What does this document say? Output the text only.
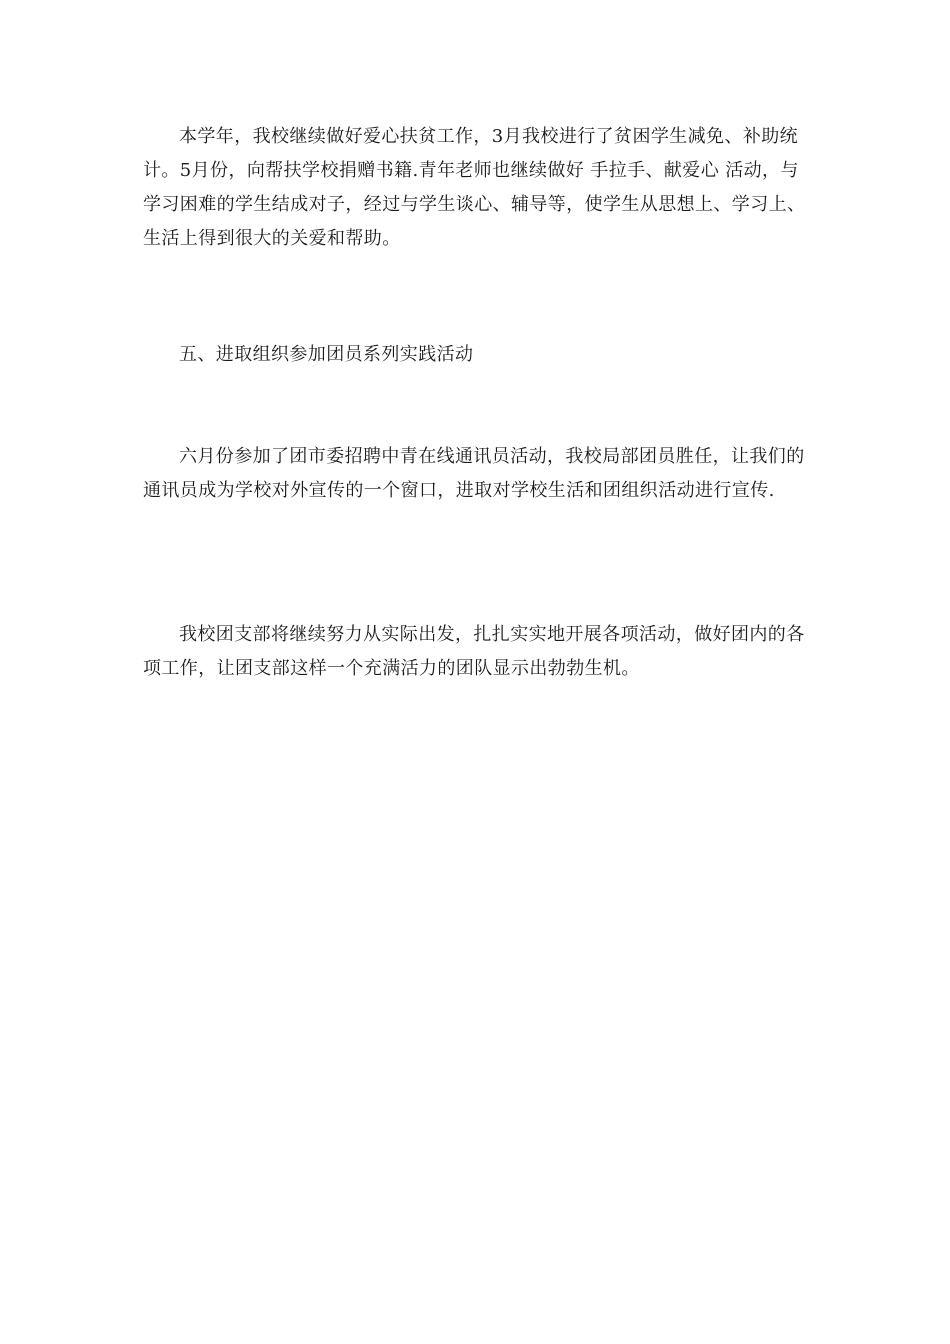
本学年，我校继续做好爱心扶贫工作，3月我校进行了贫困学生减免、补助统计。5月份，向帮扶学校捐赠书籍.青年老师也继续做好 手拉手、献爱心 活动，与学习困难的学生结成对子，经过与学生谈心、辅导等，使学生从思想上、学习上、生活上得到很大的关爱和帮助。

五、进取组织参加团员系列实践活动

六月份参加了团市委招聘中青在线通讯员活动，我校局部团员胜任，让我们的通讯员成为学校对外宣传的一个窗口，进取对学校生活和团组织活动进行宣传.

我校团支部将继续努力从实际出发，扎扎实实地开展各项活动，做好团内的各项工作，让团支部这样一个充满活力的团队显示出勃勃生机。
